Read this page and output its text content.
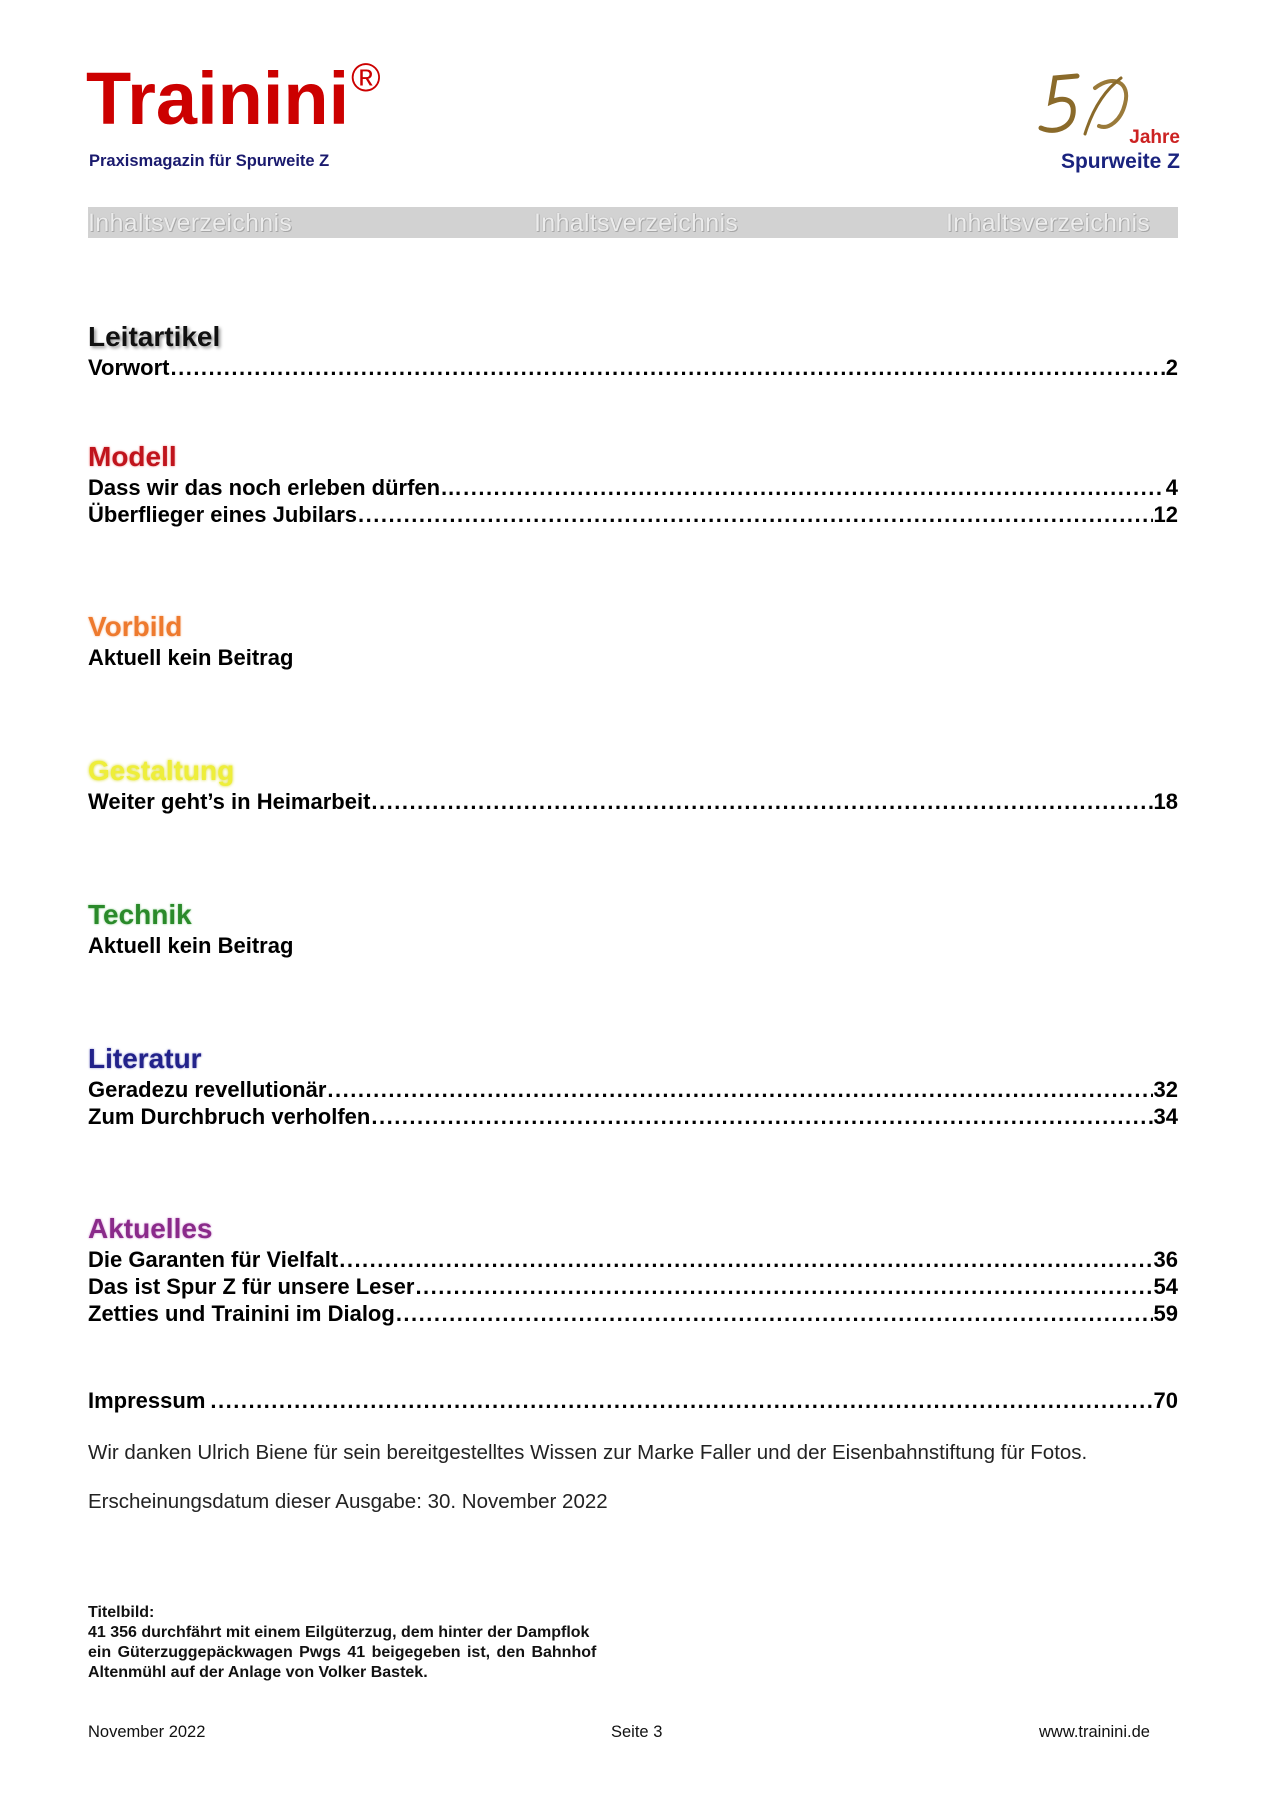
Trainini®
Praxismagazin für Spurweite Z
Jahre
Spurweite Z
Inhaltsverzeichnis	Inhaltsverzeichnis	Inhaltsverzeichnis
Leitartikel
Vorwort .....	2
Modell
Dass wir das noch erleben dürfen… .....	4
Überflieger eines Jubilars .....	12
Vorbild
Aktuell kein Beitrag
Gestaltung
Weiter geht’s in Heimarbeit .....	18
Technik
Aktuell kein Beitrag
Literatur
Geradezu revellutionär .....	32
Zum Durchbruch verholfen .....	34
Aktuelles
Die Garanten für Vielfalt .....	36
Das ist Spur Z für unsere Leser .....	54
Zetties und Trainini im Dialog .....	59
Impressum .....	70
Wir danken Ulrich Biene für sein bereitgestelltes Wissen zur Marke Faller und der Eisenbahnstiftung für Fotos.
Erscheinungsdatum dieser Ausgabe: 30. November 2022
Titelbild:
41 356 durchfährt mit einem Eilgüterzug, dem hinter der Dampflok
ein Güterzuggepäckwagen Pwgs 41 beigegeben ist, den Bahnhof
Altenmühl auf der Anlage von Volker Bastek.
November 2022	Seite 3	www.trainini.de
